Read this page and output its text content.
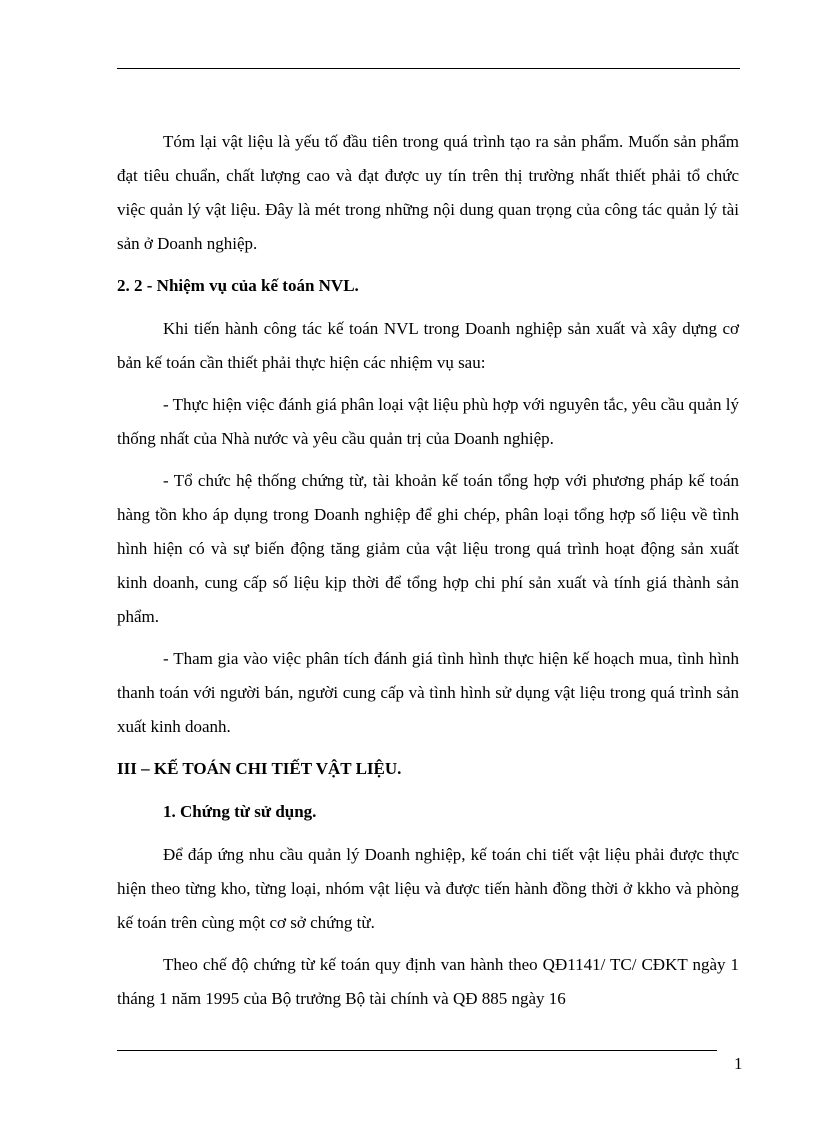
Tóm lại vật liệu là yếu tố đầu tiên trong quá trình tạo ra sản phẩm. Muốn sản phẩm đạt tiêu chuẩn, chất lượng cao và đạt được uy tín trên thị trường nhất thiết phải tổ chức việc quản lý vật liệu. Đây là mét trong những nội dung quan trọng của công tác quản lý tài sản ở Doanh nghiệp.

2. 2 - Nhiệm vụ của kế toán NVL.

Khi tiến hành công tác kế toán NVL trong Doanh nghiệp sản xuất và xây dựng cơ bản kế toán cần thiết phải thực hiện các nhiệm vụ sau:

- Thực hiện việc đánh giá phân loại vật liệu phù hợp với nguyên tắc, yêu cầu quản lý thống nhất của Nhà nước và yêu cầu quản trị của Doanh nghiệp.

- Tổ chức hệ thống chứng từ, tài khoản kế toán tổng hợp với phương pháp kế toán hàng tồn kho áp dụng trong Doanh nghiệp để ghi chép, phân loại tổng hợp số liệu về tình hình hiện có và sự biến động tăng giảm của vật liệu trong quá trình hoạt động sản xuất kinh doanh, cung cấp số liệu kịp thời để tổng hợp chi phí sản xuất và tính giá thành sản phẩm.

- Tham gia vào việc phân tích đánh giá tình hình thực hiện kế hoạch mua, tình hình thanh toán với người bán, người cung cấp và tình hình sử dụng vật liệu trong quá trình sản xuất kinh doanh.

III – KẾ TOÁN CHI TIẾT VẬT LIỆU.

1. Chứng từ sử dụng.

Để đáp ứng nhu cầu quản lý Doanh nghiệp, kế toán chi tiết vật liệu phải được thực hiện theo từng kho, từng loại, nhóm vật liệu và được tiến hành đồng thời ở kkho và phòng kế toán trên cùng một cơ sở chứng từ.

Theo chế độ chứng từ kế toán quy định van hành theo QĐ1141/ TC/ CĐKT ngày 1 tháng 1 năm 1995 của Bộ trưởng Bộ tài chính và QĐ 885 ngày 16

1
